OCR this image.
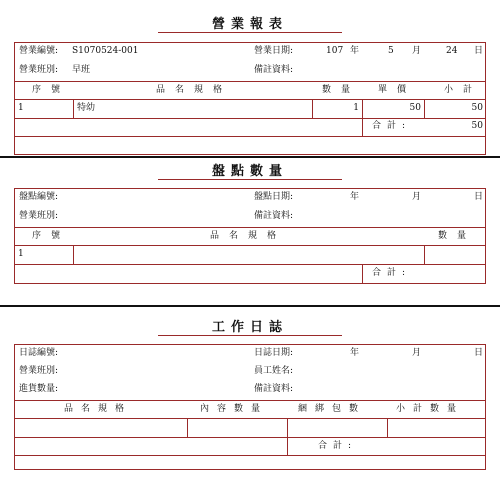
營業報表
營業編號: S1070524-001	營業日期:	107 年	5 月	24 日
營業班別: 早班	備註資料:
序號	品名規格	數量 單價	小計
1	特幼	1	50	50
合計:	50
盤點數量
盤點編號:	盤點日期:	年	月	日
營業班別:	備註資料:
序號	品名規格	數量
1
合計:
工作日誌
日誌編號:	日誌日期:	年	月	日
營業班別:	員工姓名:
進貨數量:	備註資料:
品名規格	內容數量	綑綁包數	小計數量
合計:
